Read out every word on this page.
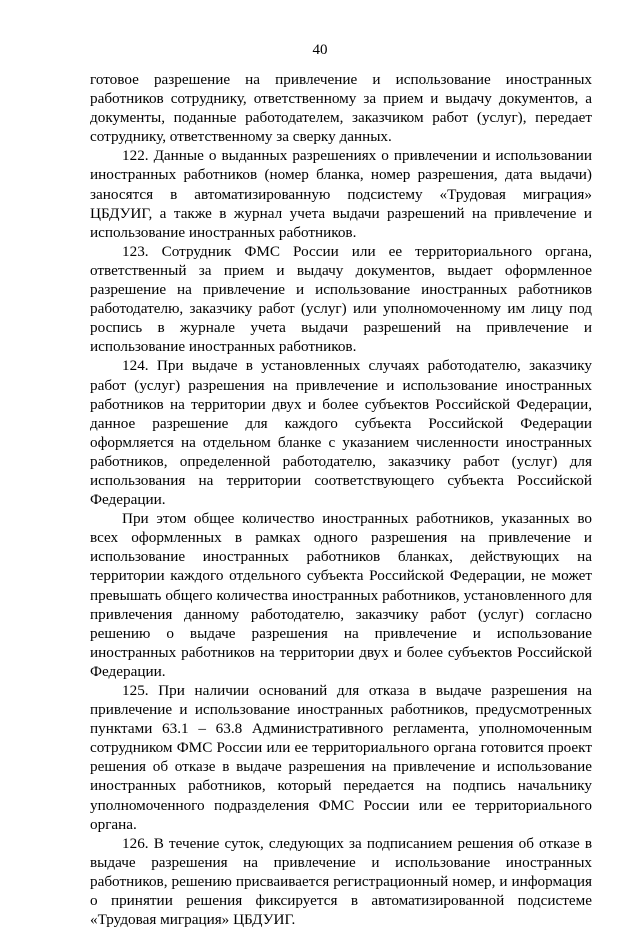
40

готовое разрешение на привлечение и использование иностранных работников сотруднику, ответственному за прием и выдачу документов, а документы, поданные работодателем, заказчиком работ (услуг), передает сотруднику, ответственному за сверку данных.

122. Данные о выданных разрешениях о привлечении и использовании иностранных работников (номер бланка, номер разрешения, дата выдачи) заносятся в автоматизированную подсистему «Трудовая миграция» ЦБДУИГ, а также в журнал учета выдачи разрешений на привлечение и использование иностранных работников.

123. Сотрудник ФМС России или ее территориального органа, ответственный за прием и выдачу документов, выдает оформленное разрешение на привлечение и использование иностранных работников работодателю, заказчику работ (услуг) или уполномоченному им лицу под роспись в журнале учета выдачи разрешений на привлечение и использование иностранных работников.

124. При выдаче в установленных случаях работодателю, заказчику работ (услуг) разрешения на привлечение и использование иностранных работников на территории двух и более субъектов Российской Федерации, данное разрешение для каждого субъекта Российской Федерации оформляется на отдельном бланке с указанием численности иностранных работников, определенной работодателю, заказчику работ (услуг) для использования на территории соответствующего субъекта Российской Федерации.

При этом общее количество иностранных работников, указанных во всех оформленных в рамках одного разрешения на привлечение и использование иностранных работников бланках, действующих на территории каждого отдельного субъекта Российской Федерации, не может превышать общего количества иностранных работников, установленного для привлечения данному работодателю, заказчику работ (услуг) согласно решению о выдаче разрешения на привлечение и использование иностранных работников на территории двух и более субъектов Российской Федерации.

125. При наличии оснований для отказа в выдаче разрешения на привлечение и использование иностранных работников, предусмотренных пунктами 63.1 – 63.8 Административного регламента, уполномоченным сотрудником ФМС России или ее территориального органа готовится проект решения об отказе в выдаче разрешения на привлечение и использование иностранных работников, который передается на подпись начальнику уполномоченного подразделения ФМС России или ее территориального органа.

126. В течение суток, следующих за подписанием решения об отказе в выдаче разрешения на привлечение и использование иностранных работников, решению присваивается регистрационный номер, и информация о принятии решения фиксируется в автоматизированной подсистеме «Трудовая миграция» ЦБДУИГ.
